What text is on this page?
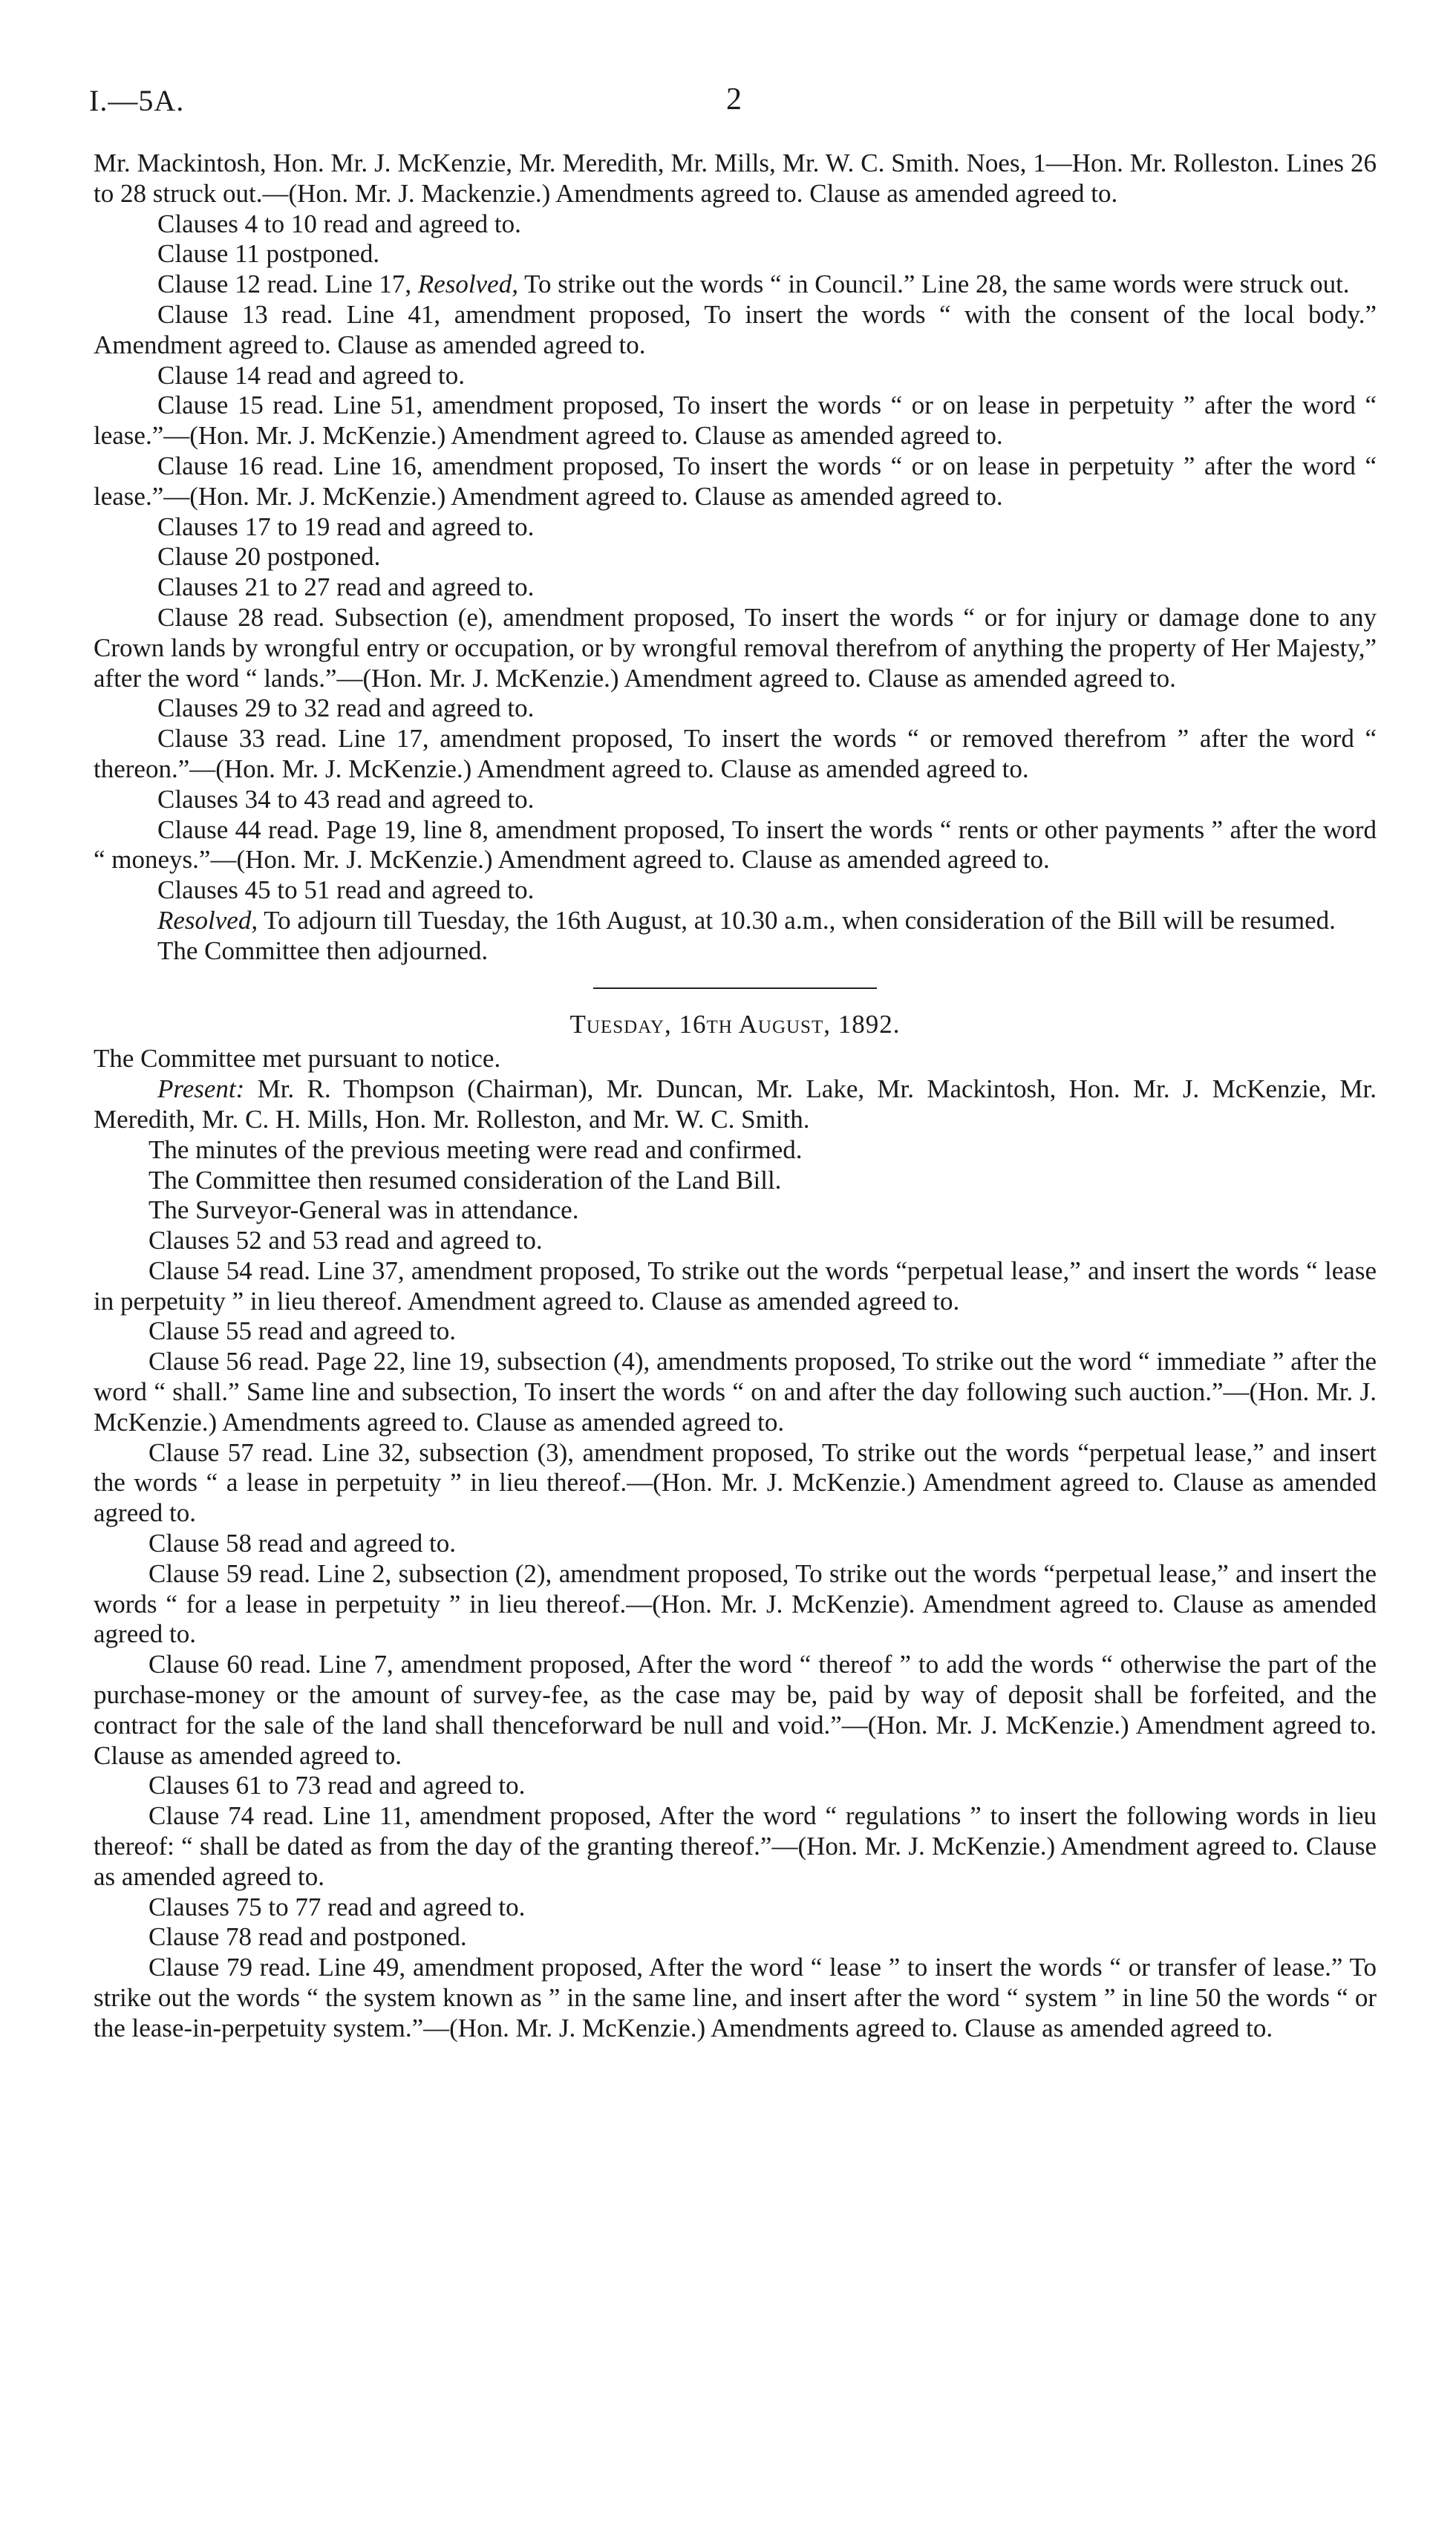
I.—5A.	2

Mr. Mackintosh, Hon. Mr. J. McKenzie, Mr. Meredith, Mr. Mills, Mr. W. C. Smith. Noes, 1—Hon. Mr. Rolleston. Lines 26 to 28 struck out.—(Hon. Mr. J. Mackenzie.) Amendments agreed to. Clause as amended agreed to.

Clauses 4 to 10 read and agreed to.

Clause 11 postponed.

Clause 12 read. Line 17, Resolved, To strike out the words “ in Council.” Line 28, the same words were struck out.

Clause 13 read. Line 41, amendment proposed, To insert the words “ with the consent of the local body.” Amendment agreed to. Clause as amended agreed to.

Clause 14 read and agreed to.

Clause 15 read. Line 51, amendment proposed, To insert the words “ or on lease in perpetuity ” after the word “ lease.”—(Hon. Mr. J. McKenzie.) Amendment agreed to. Clause as amended agreed to.

Clause 16 read. Line 16, amendment proposed, To insert the words “ or on lease in perpetuity ” after the word “ lease.”—(Hon. Mr. J. McKenzie.) Amendment agreed to. Clause as amended agreed to.

Clauses 17 to 19 read and agreed to.

Clause 20 postponed.

Clauses 21 to 27 read and agreed to.

Clause 28 read. Subsection (e), amendment proposed, To insert the words “ or for injury or damage done to any Crown lands by wrongful entry or occupation, or by wrongful removal therefrom of anything the property of Her Majesty,” after the word “ lands.”—(Hon. Mr. J. McKenzie.) Amendment agreed to. Clause as amended agreed to.

Clauses 29 to 32 read and agreed to.

Clause 33 read. Line 17, amendment proposed, To insert the words “ or removed therefrom ” after the word “ thereon.”—(Hon. Mr. J. McKenzie.) Amendment agreed to. Clause as amended agreed to.

Clauses 34 to 43 read and agreed to.

Clause 44 read. Page 19, line 8, amendment proposed, To insert the words “ rents or other payments ” after the word “ moneys.”—(Hon. Mr. J. McKenzie.) Amendment agreed to. Clause as amended agreed to.

Clauses 45 to 51 read and agreed to.

Resolved, To adjourn till Tuesday, the 16th August, at 10.30 a.m., when consideration of the Bill will be resumed.

The Committee then adjourned.

Tuesday, 16th August, 1892.

The Committee met pursuant to notice.

Present: Mr. R. Thompson (Chairman), Mr. Duncan, Mr. Lake, Mr. Mackintosh, Hon. Mr. J. McKenzie, Mr. Meredith, Mr. C. H. Mills, Hon. Mr. Rolleston, and Mr. W. C. Smith.

The minutes of the previous meeting were read and confirmed.

The Committee then resumed consideration of the Land Bill.

The Surveyor-General was in attendance.

Clauses 52 and 53 read and agreed to.

Clause 54 read. Line 37, amendment proposed, To strike out the words “perpetual lease,” and insert the words “ lease in perpetuity ” in lieu thereof. Amendment agreed to. Clause as amended agreed to.

Clause 55 read and agreed to.

Clause 56 read. Page 22, line 19, subsection (4), amendments proposed, To strike out the word “ immediate ” after the word “ shall.” Same line and subsection, To insert the words “ on and after the day following such auction.”—(Hon. Mr. J. McKenzie.) Amendments agreed to. Clause as amended agreed to.

Clause 57 read. Line 32, subsection (3), amendment proposed, To strike out the words “perpetual lease,” and insert the words “ a lease in perpetuity ” in lieu thereof.—(Hon. Mr. J. McKenzie.) Amendment agreed to. Clause as amended agreed to.

Clause 58 read and agreed to.

Clause 59 read. Line 2, subsection (2), amendment proposed, To strike out the words “perpetual lease,” and insert the words “ for a lease in perpetuity ” in lieu thereof.—(Hon. Mr. J. McKenzie). Amendment agreed to. Clause as amended agreed to.

Clause 60 read. Line 7, amendment proposed, After the word “ thereof ” to add the words “ otherwise the part of the purchase-money or the amount of survey-fee, as the case may be, paid by way of deposit shall be forfeited, and the contract for the sale of the land shall thenceforward be null and void.”—(Hon. Mr. J. McKenzie.) Amendment agreed to. Clause as amended agreed to.

Clauses 61 to 73 read and agreed to.

Clause 74 read. Line 11, amendment proposed, After the word “ regulations ” to insert the following words in lieu thereof: “ shall be dated as from the day of the granting thereof.”—(Hon. Mr. J. McKenzie.) Amendment agreed to. Clause as amended agreed to.

Clauses 75 to 77 read and agreed to.

Clause 78 read and postponed.

Clause 79 read. Line 49, amendment proposed, After the word “ lease ” to insert the words “ or transfer of lease.” To strike out the words “ the system known as ” in the same line, and insert after the word “ system ” in line 50 the words “ or the lease-in-perpetuity system.”—(Hon. Mr. J. McKenzie.) Amendments agreed to. Clause as amended agreed to.
